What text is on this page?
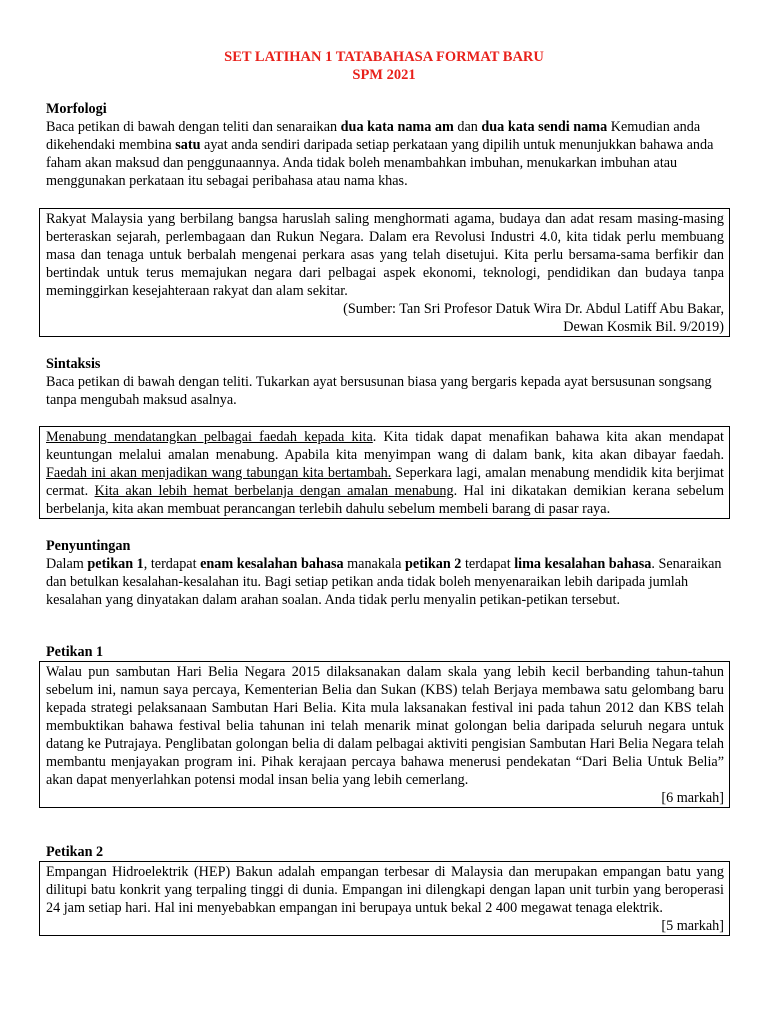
SET LATIHAN 1 TATABAHASA FORMAT BARU
SPM 2021
Morfologi
Baca petikan di bawah dengan teliti dan senaraikan dua kata nama am dan dua kata sendi nama Kemudian anda dikehendaki membina satu ayat anda sendiri daripada setiap perkataan yang dipilih untuk menunjukkan bahawa anda faham akan maksud dan penggunaannya. Anda tidak boleh menambahkan imbuhan, menukarkan imbuhan atau menggunakan perkataan itu sebagai peribahasa atau nama khas.
Rakyat Malaysia yang berbilang bangsa haruslah saling menghormati agama, budaya dan adat resam masing-masing berteraskan sejarah, perlembagaan dan Rukun Negara. Dalam era Revolusi Industri 4.0, kita tidak perlu membuang masa dan tenaga untuk berbalah mengenai perkara asas yang telah disetujui. Kita perlu bersama-sama berfikir dan bertindak untuk terus memajukan negara dari pelbagai aspek ekonomi, teknologi, pendidikan dan budaya tanpa meminggirkan kesejahteraan rakyat dan alam sekitar.
(Sumber: Tan Sri Profesor Datuk Wira Dr. Abdul Latiff Abu Bakar,
Dewan Kosmik Bil. 9/2019)
Sintaksis
Baca petikan di bawah dengan teliti. Tukarkan ayat bersusunan biasa yang bergaris kepada ayat bersusunan songsang tanpa mengubah maksud asalnya.
Menabung mendatangkan pelbagai faedah kepada kita. Kita tidak dapat menafikan bahawa kita akan mendapat keuntungan melalui amalan menabung. Apabila kita menyimpan wang di dalam bank, kita akan dibayar faedah. Faedah ini akan menjadikan wang tabungan kita bertambah. Seperkara lagi, amalan menabung mendidik kita berjimat cermat. Kita akan lebih hemat berbelanja dengan amalan menabung. Hal ini dikatakan demikian kerana sebelum berbelanja, kita akan membuat perancangan terlebih dahulu sebelum membeli barang di pasar raya.
Penyuntingan
Dalam petikan 1, terdapat enam kesalahan bahasa manakala petikan 2 terdapat lima kesalahan bahasa. Senaraikan dan betulkan kesalahan-kesalahan itu. Bagi setiap petikan anda tidak boleh menyenaraikan lebih daripada jumlah kesalahan yang dinyatakan dalam arahan soalan. Anda tidak perlu menyalin petikan-petikan tersebut.
Petikan 1
Walau pun sambutan Hari Belia Negara 2015 dilaksanakan dalam skala yang lebih kecil berbanding tahun-tahun sebelum ini, namun saya percaya, Kementerian Belia dan Sukan (KBS) telah Berjaya membawa satu gelombang baru kepada strategi pelaksanaan Sambutan Hari Belia. Kita mula laksanakan festival ini pada tahun 2012 dan KBS telah membuktikan bahawa festival belia tahunan ini telah menarik minat golongan belia daripada seluruh negara untuk datang ke Putrajaya. Penglibatan golongan belia di dalam pelbagai aktiviti pengisian Sambutan Hari Belia Negara telah membantu menjayakan program ini. Pihak kerajaan percaya bahawa menerusi pendekatan “Dari Belia Untuk Belia” akan dapat menyerlahkan potensi modal insan belia yang lebih cemerlang.
[6 markah]
Petikan 2
Empangan Hidroelektrik (HEP) Bakun adalah empangan terbesar di Malaysia dan merupakan empangan batu yang dilitupi batu konkrit yang terpaling tinggi di dunia. Empangan ini dilengkapi dengan lapan unit turbin yang beroperasi 24 jam setiap hari. Hal ini menyebabkan empangan ini berupaya untuk bekal 2 400 megawat tenaga elektrik.
[5 markah]
